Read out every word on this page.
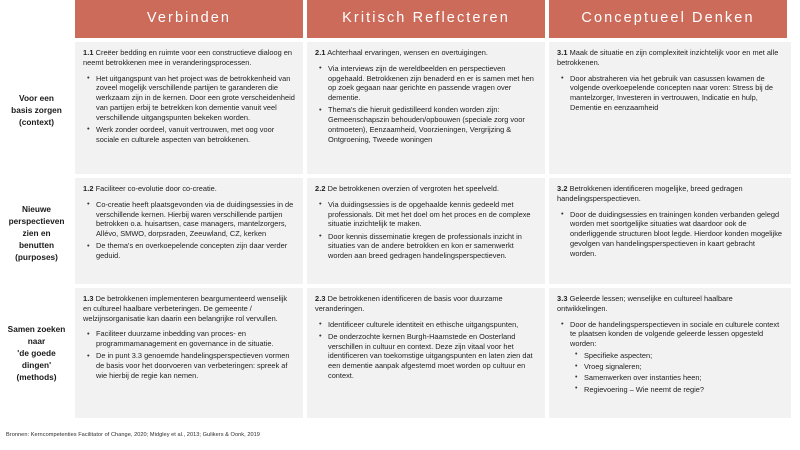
Verbinden	Kritisch Reflecteren	Conceptueel Denken
Voor een
basis zorgen
(context)

1.1 Creëer bedding en ruimte voor een constructieve dialoog en neemt betrokkenen mee in veranderingsprocessen.

• Het uitgangspunt van het project was de betrokkenheid van zoveel mogelijk verschillende partijen te garanderen die werkzaam zijn in de kernen. Door een grote verscheidenheid van partijen erbij te betrekken kon dementie vanuit veel verschillende uitgangspunten bekeken worden.
• Werk zonder oordeel, vanuit vertrouwen, met oog voor sociale en culturele aspecten van betrokkenen.

2.1 Achterhaal ervaringen, wensen en overtuigingen.

• Via interviews zijn de wereldbeelden en perspectieven opgehaald. Betrokkenen zijn benaderd en er is samen met hen op zoek gegaan naar gerichte en passende vragen over dementie.
• Thema's die hieruit gedistilleerd konden worden zijn: Gemeenschapszin behouden/opbouwen (speciale zorg voor ontmoeten), Eenzaamheid, Voorzieningen, Vergrijzing & Ontgroening, Tweede woningen

3.1 Maak de situatie en zijn complexiteit inzichtelijk voor en met alle betrokkenen.

• Door abstraheren via het gebruik van casussen kwamen de volgende overkoepelende concepten naar voren: Stress bij de mantelzorger, Investeren in vertrouwen, Indicatie en hulp, Dementie en eenzaamheid
Nieuwe
perspectieven
zien en
benutten
(purposes)

1.2 Faciliteer co-evolutie door co-creatie.

• Co-creatie heeft plaatsgevonden via de duidingsessies in de verschillende kernen. Hierbij waren verschillende partijen betrokken o.a. huisartsen, case managers, mantelzorgers, Allévo, SMWO, dorpsraden, Zeeuwland, CZ, kerken
• De thema's en overkoepelende concepten zijn daar verder geduid.

2.2 De betrokkenen overzien of vergroten het speelveld.

• Via duidingsessies is de opgehaalde kennis gedeeld met professionals. Dit met het doel om het proces en de complexe situatie inzichtelijk te maken.
• Door kennis disseminatie kregen de professionals inzicht in situaties van de andere betrokken en kon er samenwerkt worden aan breed gedragen handelingsperspectieven.

3.2 Betrokkenen identificeren mogelijke, breed gedragen handelingsperspectieven.

• Door de duidingsessies en trainingen konden verbanden gelegd worden met soortgelijke situaties wat daardoor ook de onderliggende structuren bloot legde. Hierdoor konden mogelijke gevolgen van handelingsperspectieven in kaart gebracht worden.
Samen zoeken
naar
'de goede
dingen'
(methods)

1.3 De betrokkenen implementeren beargumenteerd wenselijk en cultureel haalbare verbeteringen. De gemeente / welzijnsorganisatie kan daarin een belangrijke rol vervullen.

• Faciliteer duurzame inbedding van proces- en programmamanagement en governance in de situatie.
• De in punt 3.3 genoemde handelingsperspectieven vormen de basis voor het doorvoeren van verbeteringen: spreek af wie hierbij de regie kan nemen.

2.3 De betrokkenen identificeren de basis voor duurzame veranderingen.

• Identificeer culturele identiteit en ethische uitgangspunten,
• De onderzochte kernen Burgh-Haamstede en Oosterland verschillen in cultuur en context. Deze zijn vitaal voor het identificeren van toekomstige uitgangspunten en laten zien dat een dementie aanpak afgestemd moet worden op cultuur en context.

3.3 Geleerde lessen; wenselijke en cultureel haalbare ontwikkelingen.

• Door de handelingsperspectieven in sociale en culturele context te plaatsen konden de volgende geleerde lessen opgesteld worden:
• Specifieke aspecten;
• Vroeg signaleren;
• Samenwerken over instanties heen;
• Regievoering – Wie neemt de regie?
Bronnen: Kerncompetenties Facilitator of Change, 2020; Midgley et al., 2013; Gulikers & Oonk, 2019
